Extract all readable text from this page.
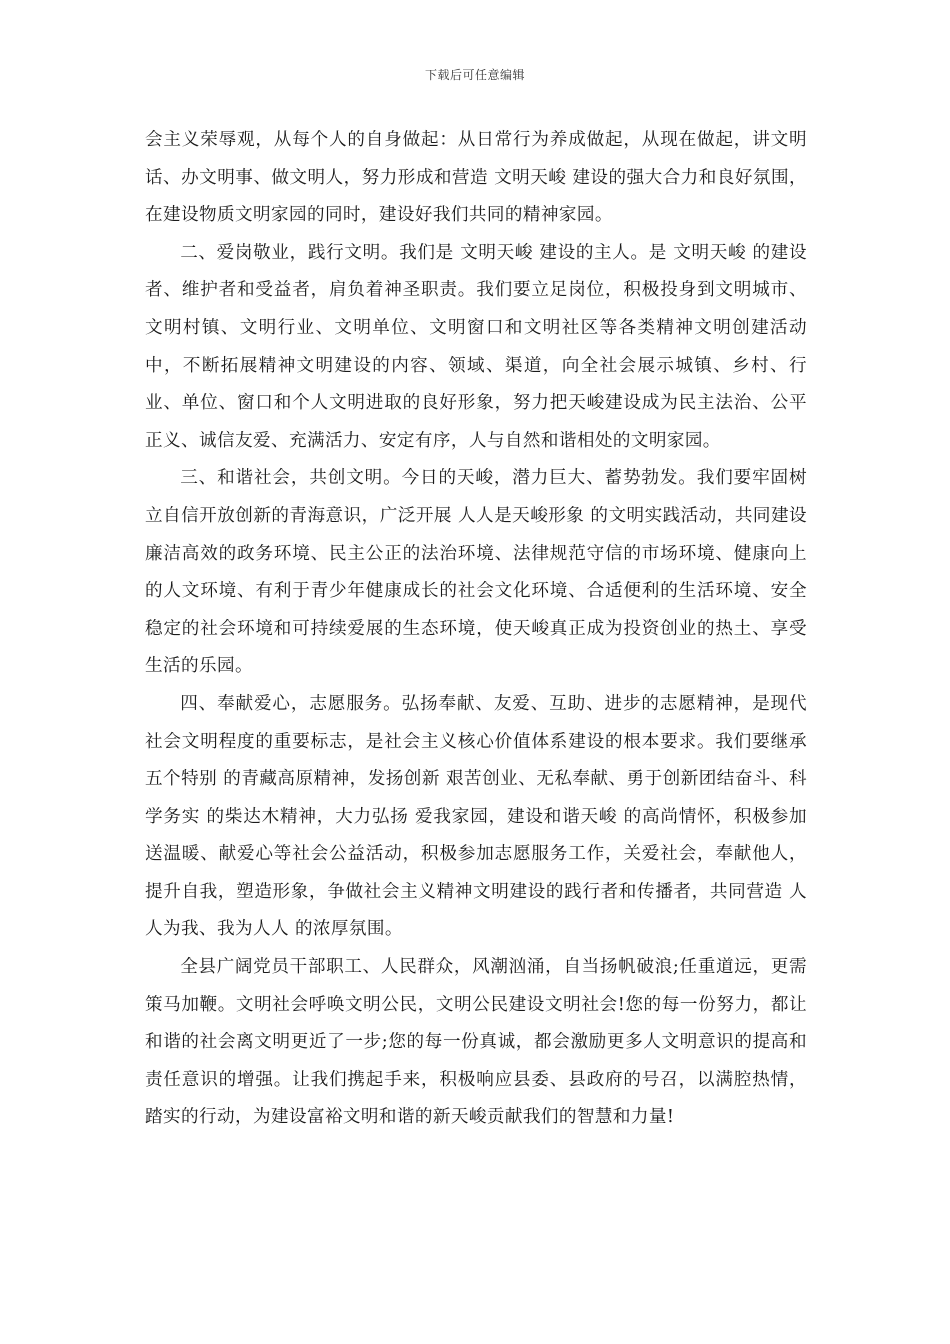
下载后可任意编辑

会主义荣辱观，从每个人的自身做起：从日常行为养成做起，从现在做起，讲文明话、办文明事、做文明人，努力形成和营造 文明天峻 建设的强大合力和良好氛围，在建设物质文明家园的同时，建设好我们共同的精神家园。

二、爱岗敬业，践行文明。我们是 文明天峻 建设的主人。是 文明天峻 的建设者、维护者和受益者，肩负着神圣职责。我们要立足岗位，积极投身到文明城市、文明村镇、文明行业、文明单位、文明窗口和文明社区等各类精神文明创建活动中，不断拓展精神文明建设的内容、领域、渠道，向全社会展示城镇、乡村、行业、单位、窗口和个人文明进取的良好形象，努力把天峻建设成为民主法治、公平正义、诚信友爱、充满活力、安定有序，人与自然和谐相处的文明家园。

三、和谐社会，共创文明。今日的天峻，潜力巨大、蓄势勃发。我们要牢固树立自信开放创新的青海意识，广泛开展 人人是天峻形象 的文明实践活动，共同建设廉洁高效的政务环境、民主公正的法治环境、法律规范守信的市场环境、健康向上的人文环境、有利于青少年健康成长的社会文化环境、合适便利的生活环境、安全稳定的社会环境和可持续爱展的生态环境，使天峻真正成为投资创业的热土、享受生活的乐园。

四、奉献爱心，志愿服务。弘扬奉献、友爱、互助、进步的志愿精神，是现代社会文明程度的重要标志，是社会主义核心价值体系建设的根本要求。我们要继承 五个特别 的青藏高原精神，发扬创新 艰苦创业、无私奉献、勇于创新团结奋斗、科学务实 的柴达木精神，大力弘扬 爱我家园，建设和谐天峻 的高尚情怀，积极参加送温暖、献爱心等社会公益活动，积极参加志愿服务工作，关爱社会，奉献他人，提升自我，塑造形象，争做社会主义精神文明建设的践行者和传播者，共同营造 人人为我、我为人人 的浓厚氛围。

全县广阔党员干部职工、人民群众，风潮汹涌，自当扬帆破浪;任重道远，更需策马加鞭。文明社会呼唤文明公民，文明公民建设文明社会!您的每一份努力，都让和谐的社会离文明更近了一步;您的每一份真诚，都会激励更多人文明意识的提高和责任意识的增强。让我们携起手来，积极响应县委、县政府的号召，以满腔热情，踏实的行动，为建设富裕文明和谐的新天峻贡献我们的智慧和力量!
